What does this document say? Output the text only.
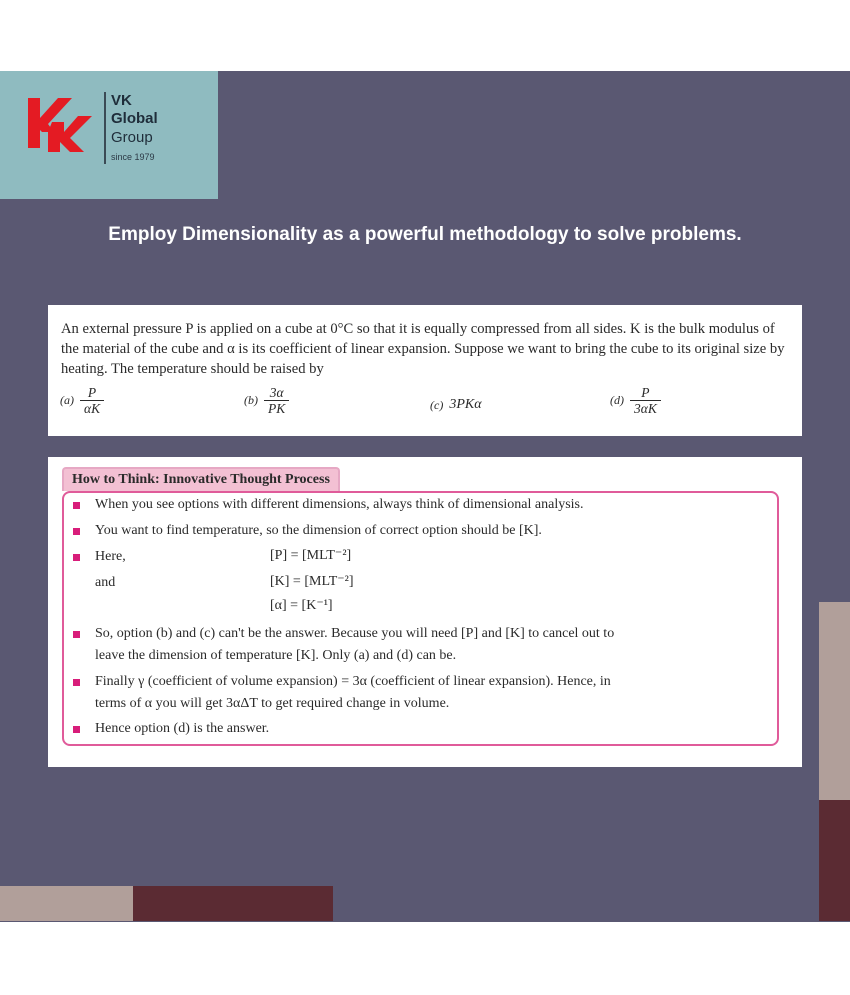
VK
Global
Group
since 1979
Employ Dimensionality as a powerful methodology to solve problems.
An external pressure P is applied on a cube at 0°C so that it is equally compressed from all sides. K is the bulk modulus of the material of the cube and α is its coefficient of linear expansion. Suppose we want to bring the cube to its original size by heating. The temperature should be raised by
$(a) \frac{P}{\alpha K}$	$(b) \frac{3\alpha}{PK}$	(c) 3PKα	$(d) \frac{P}{3\alpha K}$
How to Think: Innovative Thought Process
When you see options with different dimensions, always think of dimensional analysis.
You want to find temperature, so the dimension of correct option should be [K].
Here,	[P] = [MLT⁻²]
and	[K] = [MLT⁻²]
[α] = [K⁻¹]
So, option (b) and (c) can't be the answer. Because you will need [P] and [K] to cancel out to
leave the dimension of temperature [K]. Only (a) and (d) can be.
Finally γ (coefficient of volume expansion) = 3α (coefficient of linear expansion). Hence, in
terms of α you will get 3αΔT to get required change in volume.
Hence option (d) is the answer.
